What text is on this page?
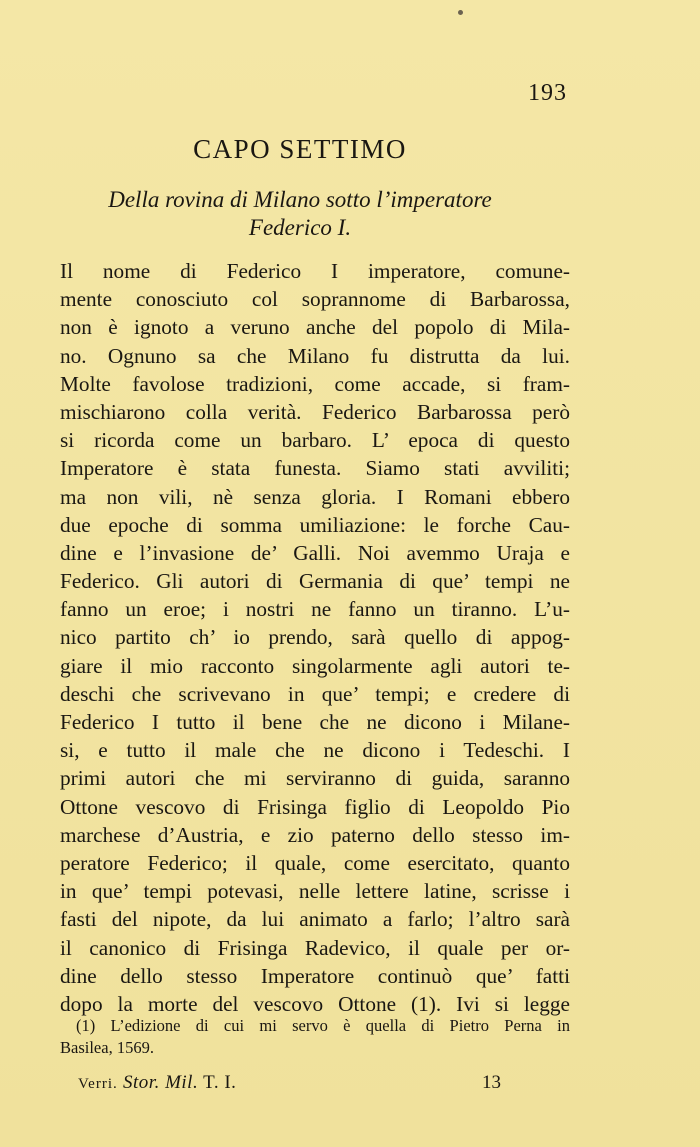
193
CAPO SETTIMO
Della rovina di Milano sotto l’imperatore
Federico I.
Il nome di Federico I imperatore, comune-
mente conosciuto col soprannome di Barbarossa,
non è ignoto a veruno anche del popolo di Mila-
no. Ognuno sa che Milano fu distrutta da lui.
Molte favolose tradizioni, come accade, si fram-
mischiarono colla verità. Federico Barbarossa però
si ricorda come un barbaro. L’ epoca di questo
Imperatore è stata funesta. Siamo stati avviliti;
ma non vili, nè senza gloria. I Romani ebbero
due epoche di somma umiliazione: le forche Cau-
dine e l’invasione de’ Galli. Noi avemmo Uraja e
Federico. Gli autori di Germania di que’ tempi ne
fanno un eroe; i nostri ne fanno un tiranno. L’u-
nico partito ch’ io prendo, sarà quello di appog-
giare il mio racconto singolarmente agli autori te-
deschi che scrivevano in que’ tempi; e credere di
Federico I tutto il bene che ne dicono i Milane-
si, e tutto il male che ne dicono i Tedeschi. I
primi autori che mi serviranno di guida, saranno
Ottone vescovo di Frisinga figlio di Leopoldo Pio
marchese d’Austria, e zio paterno dello stesso im-
peratore Federico; il quale, come esercitato, quanto
in que’ tempi potevasi, nelle lettere latine, scrisse i
fasti del nipote, da lui animato a farlo; l’altro sarà
il canonico di Frisinga Radevico, il quale per or-
dine dello stesso Imperatore continuò que’ fatti
dopo la morte del vescovo Ottone (1). Ivi si legge
(1) L’edizione di cui mi servo è quella di Pietro Perna in
Basilea, 1569.
Verri. Stor. Mil. T. I.	13
